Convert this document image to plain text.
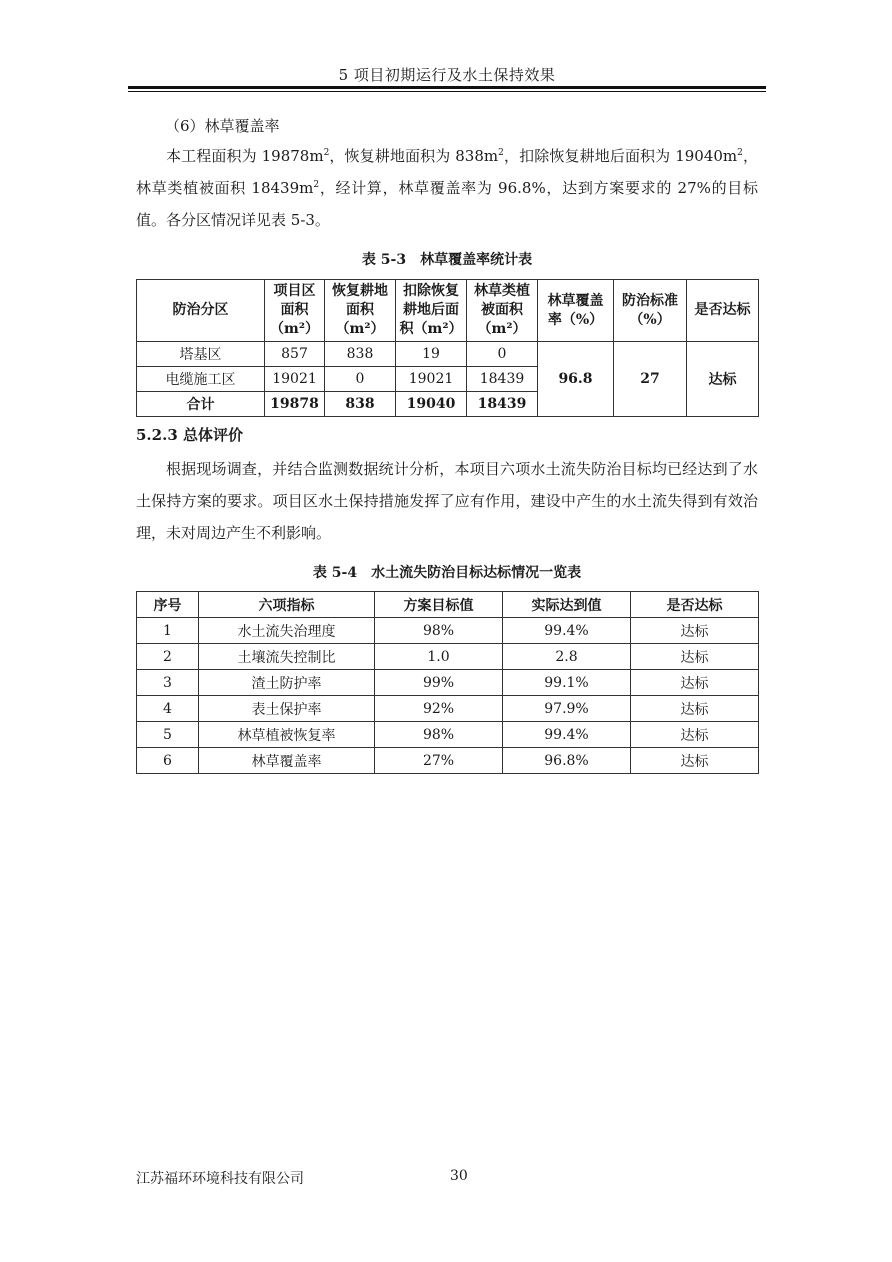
5 项目初期运行及水土保持效果
（6）林草覆盖率
本工程面积为 $19878m^2$，恢复耕地面积为 $838m^2$，扣除恢复耕地后面积为 $19040m^2$，林草类植被面积 $18439m^2$，经计算，林草覆盖率为 96.8%，达到方案要求的 27%的目标值。各分区情况详见表 5-3。
表 5-3 林草覆盖率统计表
防治分区	项目区
面积
（m²）	恢复耕地
面积
（m²）	扣除恢复
耕地后面
积（m²）	林草类植
被面积
（m²）	林草覆盖
率（%）	防治标准
（%）	是否达标
塔基区	857	838	19	0	96.8	27	达标
电缆施工区	19021	0	19021	18439			
合计	19878	838	19040	18439			
5.2.3 总体评价
根据现场调查，并结合监测数据统计分析，本项目六项水土流失防治目标均已经达到了水土保持方案的要求。项目区水土保持措施发挥了应有作用，建设中产生的水土流失得到有效治理，未对周边产生不利影响。
表 5-4 水土流失防治目标达标情况一览表
序号	六项指标	方案目标值	实际达到值	是否达标
1	水土流失治理度	98%	99.4%	达标
2	土壤流失控制比	1.0	2.8	达标
3	渣土防护率	99%	99.1%	达标
4	表土保护率	92%	97.9%	达标
5	林草植被恢复率	98%	99.4%	达标
6	林草覆盖率	27%	96.8%	达标
江苏福环环境科技有限公司	30
